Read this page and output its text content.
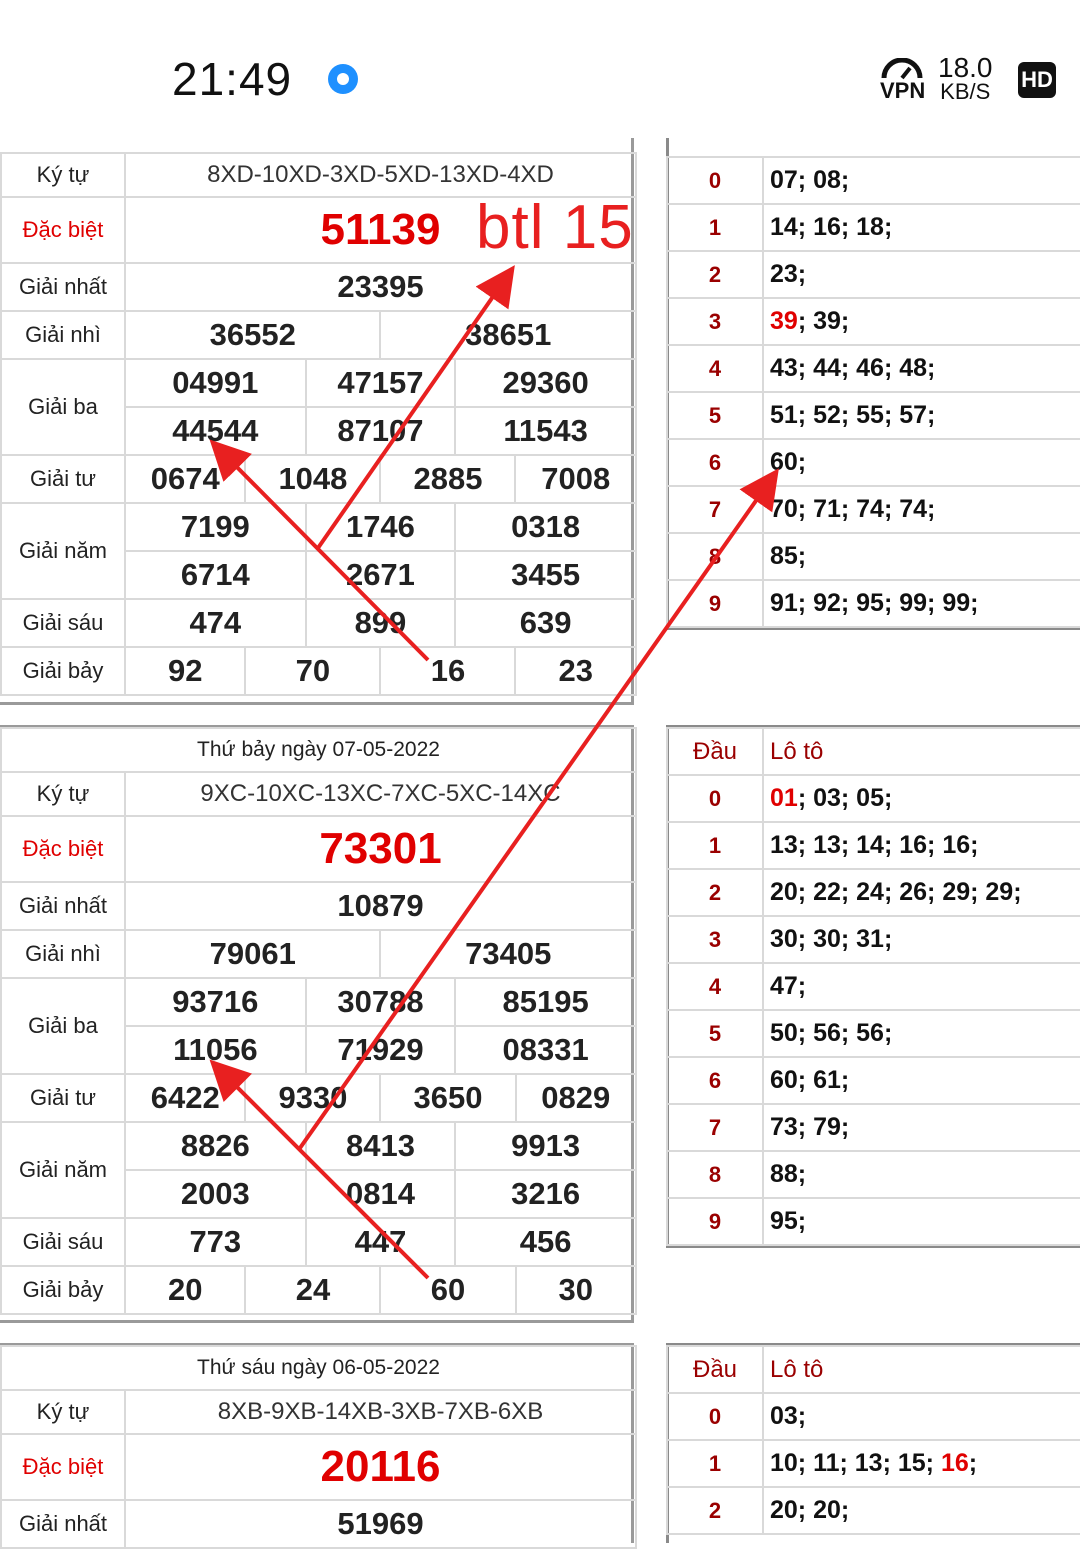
21:49	VPN
18.0
KB/S HD
Ký tự	8XD-10XD-3XD-5XD-13XD-4XD					
Đặc biệt	51139					
Giải nhất	23395					
Giải nhì	36552			38651		
Giải ba	04991		47157		29360	
	44544		87107		11543	
Giải tư	0674	1048		2885		7008
Giải năm	7199		1746		0318	
	6714		2671		3455	
Giải sáu	474		899		639	
Giải bảy	92	70		16		23
0	07; 08;
1	14; 16; 18;
2	23;
3	39; 39;
4	43; 44; 46; 48;
5	51; 52; 55; 57;
6	60;
7	70; 71; 74; 74;
8	85;
9	91; 92; 95; 99; 99;
Thứ bảy ngày 07-05-2022						
Ký tự	9XC-10XC-13XC-7XC-5XC-14XC					
Đặc biệt	73301					
Giải nhất	10879					
Giải nhì	79061			73405		
Giải ba	93716		30788		85195	
	11056		71929		08331	
Giải tư	6422	9330		3650		0829
Giải năm	8826		8413		9913	
	2003		0814		3216	
Giải sáu	773		447		456	
Giải bảy	20	24		60		30
Đầu	Lô tô
0	01; 03; 05;
1	13; 13; 14; 16; 16;
2	20; 22; 24; 26; 29; 29;
3	30; 30; 31;
4	47;
5	50; 56; 56;
6	60; 61;
7	73; 79;
8	88;
9	95;
Thứ sáu ngày 06-05-2022	
Ký tự	8XB-9XB-14XB-3XB-7XB-6XB
Đặc biệt	20116
Giải nhất	51969
Đầu	Lô tô
0	03;
1	10; 11; 13; 15; 16;
2	20; 20;
btl 15
